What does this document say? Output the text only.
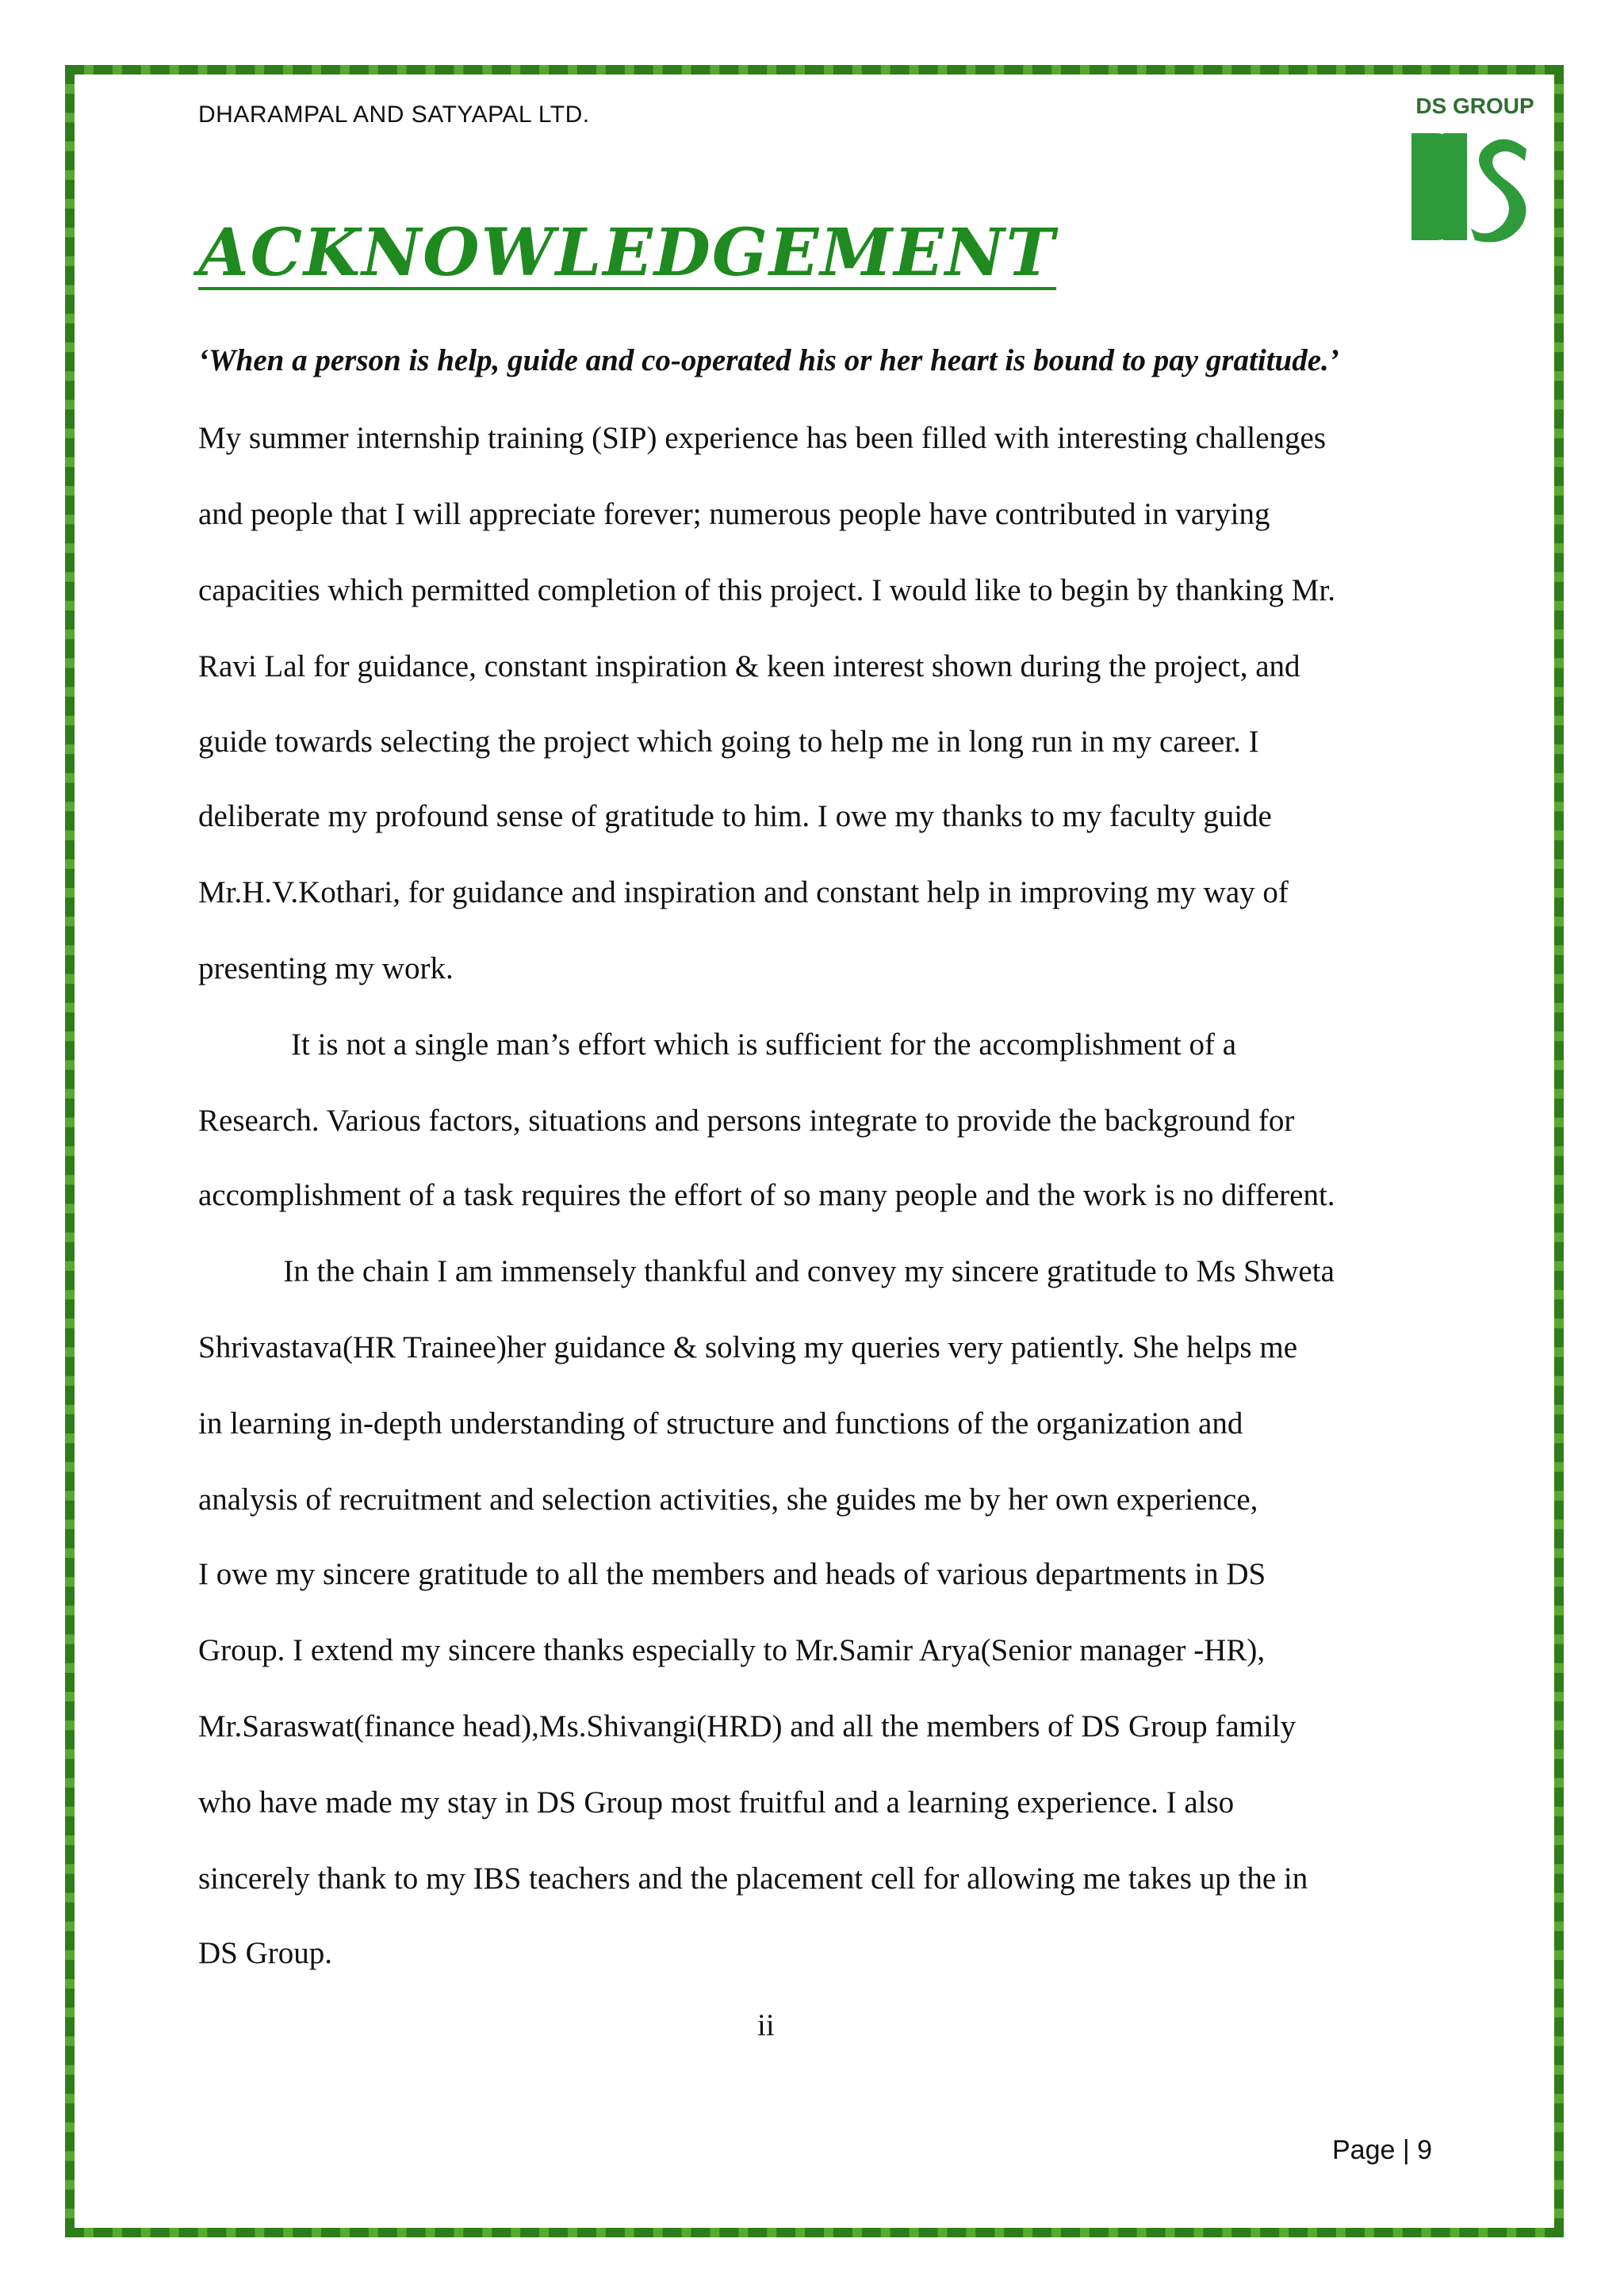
DHARAMPAL AND SATYAPAL LTD.	DS GROUP
ACKNOWLEDGEMENT
‘When a person is help, guide and co-operated his or her heart is bound to pay gratitude.’
My summer internship training (SIP) experience has been filled with interesting challenges
and people that I will appreciate forever; numerous people have contributed in varying
capacities which permitted completion of this project. I would like to begin by thanking Mr.
Ravi Lal for guidance, constant inspiration & keen interest shown during the project, and
guide towards selecting the project which going to help me in long run in my career. I
deliberate my profound sense of gratitude to him. I owe my thanks to my faculty guide
Mr.H.V.Kothari, for guidance and inspiration and constant help in improving my way of
presenting my work.
It is not a single man’s effort which is sufficient for the accomplishment of a
Research. Various factors, situations and persons integrate to provide the background for
accomplishment of a task requires the effort of so many people and the work is no different.
In the chain I am immensely thankful and convey my sincere gratitude to Ms Shweta
Shrivastava(HR Trainee)her guidance & solving my queries very patiently. She helps me
in learning in-depth understanding of structure and functions of the organization and
analysis of recruitment and selection activities, she guides me by her own experience,
I owe my sincere gratitude to all the members and heads of various departments in DS
Group. I extend my sincere thanks especially to Mr.Samir Arya(Senior manager -HR),
Mr.Saraswat(finance head),Ms.Shivangi(HRD) and all the members of DS Group family
who have made my stay in DS Group most fruitful and a learning experience. I also
sincerely thank to my IBS teachers and the placement cell for allowing me takes up the in
DS Group.
ii
Page | 9
